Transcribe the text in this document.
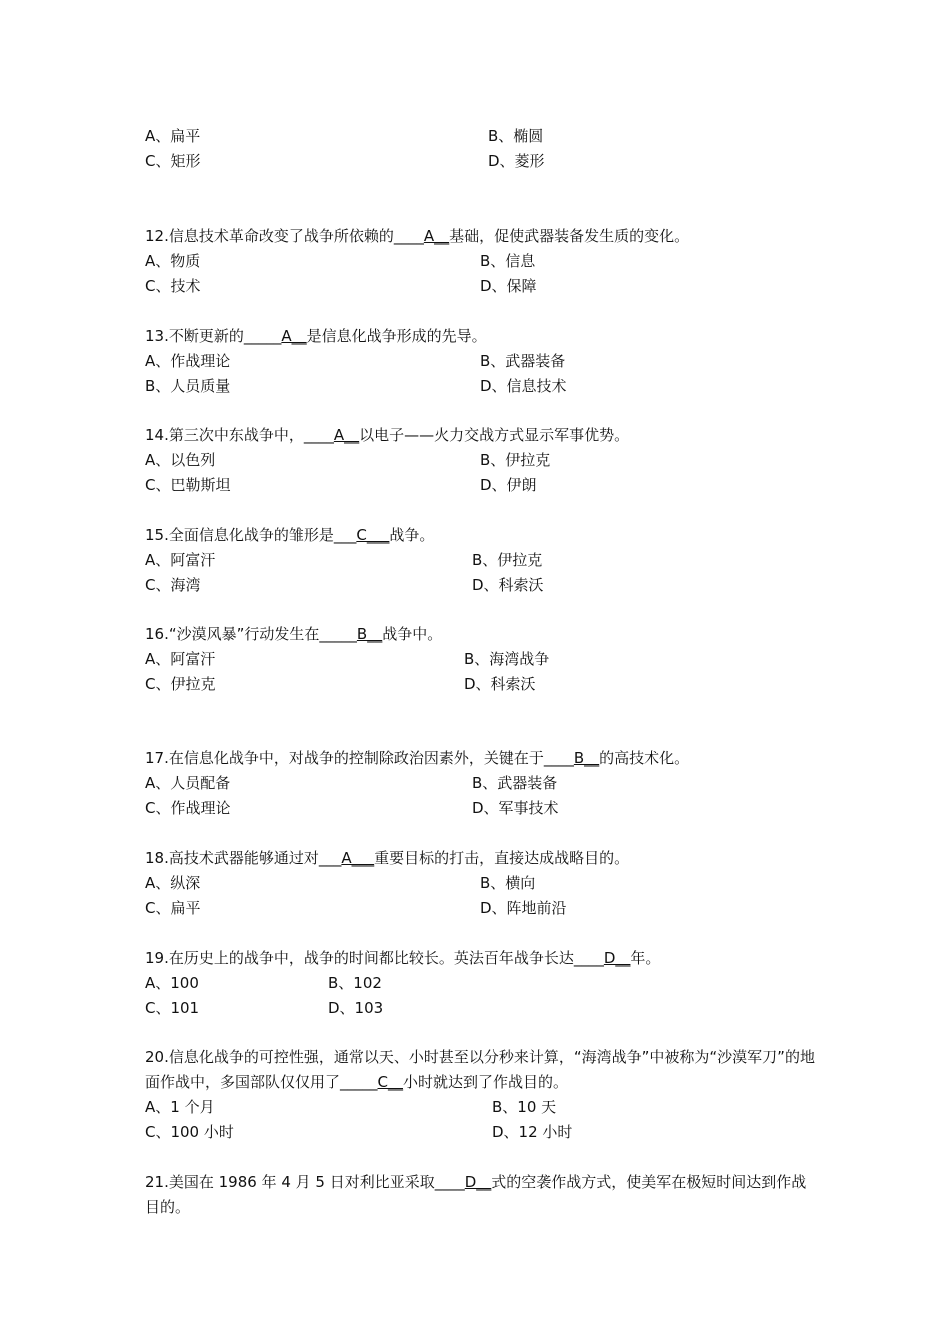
A、扁平	B、椭圆
C、矩形	D、菱形

12.信息技术革命改变了战争所依赖的____A__基础，促使武器装备发生质的变化。

A、物质	B、信息
C、技术	D、保障

13.不断更新的_____A__是信息化战争形成的先导。

A、作战理论	B、武器装备
B、人员质量	D、信息技术

14.第三次中东战争中，____A__以电子——火力交战方式显示军事优势。

A、以色列	B、伊拉克
C、巴勒斯坦	D、伊朗

15.全面信息化战争的雏形是___C___战争。

A、阿富汗	B、伊拉克
C、海湾	D、科索沃

16.“沙漠风暴”行动发生在_____B__战争中。

A、阿富汗	B、海湾战争
C、伊拉克	D、科索沃

17.在信息化战争中，对战争的控制除政治因素外，关键在于____B__的高技术化。

A、人员配备	B、武器装备
C、作战理论	D、军事技术

18.高技术武器能够通过对___A___重要目标的打击，直接达成战略目的。

A、纵深	B、横向
C、扁平	D、阵地前沿

19.在历史上的战争中，战争的时间都比较长。英法百年战争长达____D__年。

A、100	B、102
C、101	D、103

20.信息化战争的可控性强，通常以天、小时甚至以分秒来计算，“海湾战争”中被称为“沙漠军刀”的地面作战中，多国部队仅仅用了_____C__小时就达到了作战目的。

A、1 个月	B、10 天
C、100 小时	D、12 小时

21.美国在 1986 年 4 月 5 日对利比亚采取____D__式的空袭作战方式，使美军在极短时间达到作战目的。
